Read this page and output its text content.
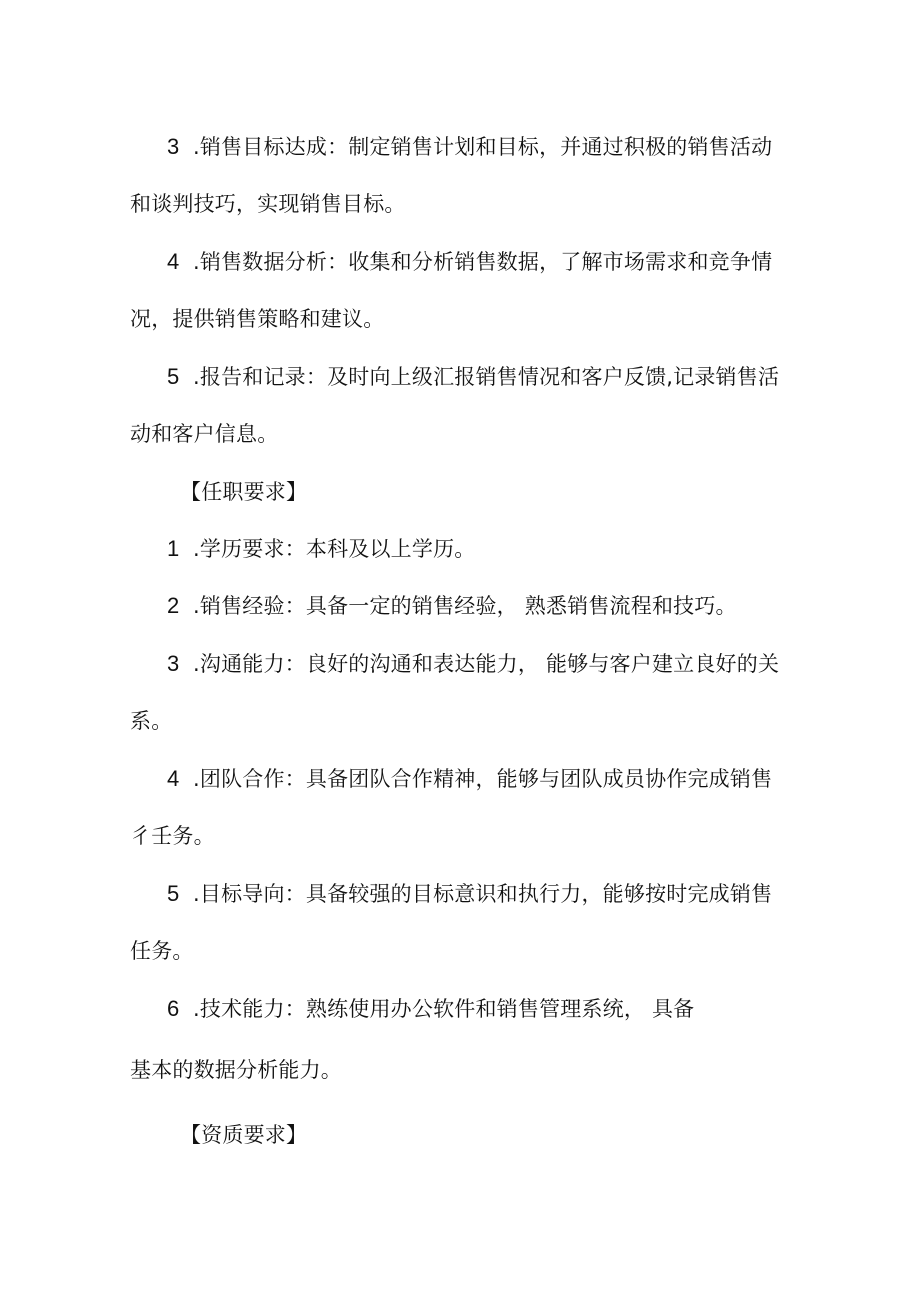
3 .销售目标达成：制定销售计划和目标，并通过积极的销售活动
和谈判技巧，实现销售目标。
4 .销售数据分析：收集和分析销售数据，了解市场需求和竞争情
况，提供销售策略和建议。
5 .报告和记录：及时向上级汇报销售情况和客户反馈,记录销售活
动和客户信息。
【任职要求】
1 .学历要求：本科及以上学历。
2 .销售经验：具备一定的销售经验， 熟悉销售流程和技巧。
3 .沟通能力：良好的沟通和表达能力， 能够与客户建立良好的关
系。
4 .团队合作：具备团队合作精神，能够与团队成员协作完成销售
彳壬务。
5 .目标导向：具备较强的目标意识和执行力，能够按时完成销售
任务。
6 .技术能力：熟练使用办公软件和销售管理系统， 具备
基本的数据分析能力。
【资质要求】
